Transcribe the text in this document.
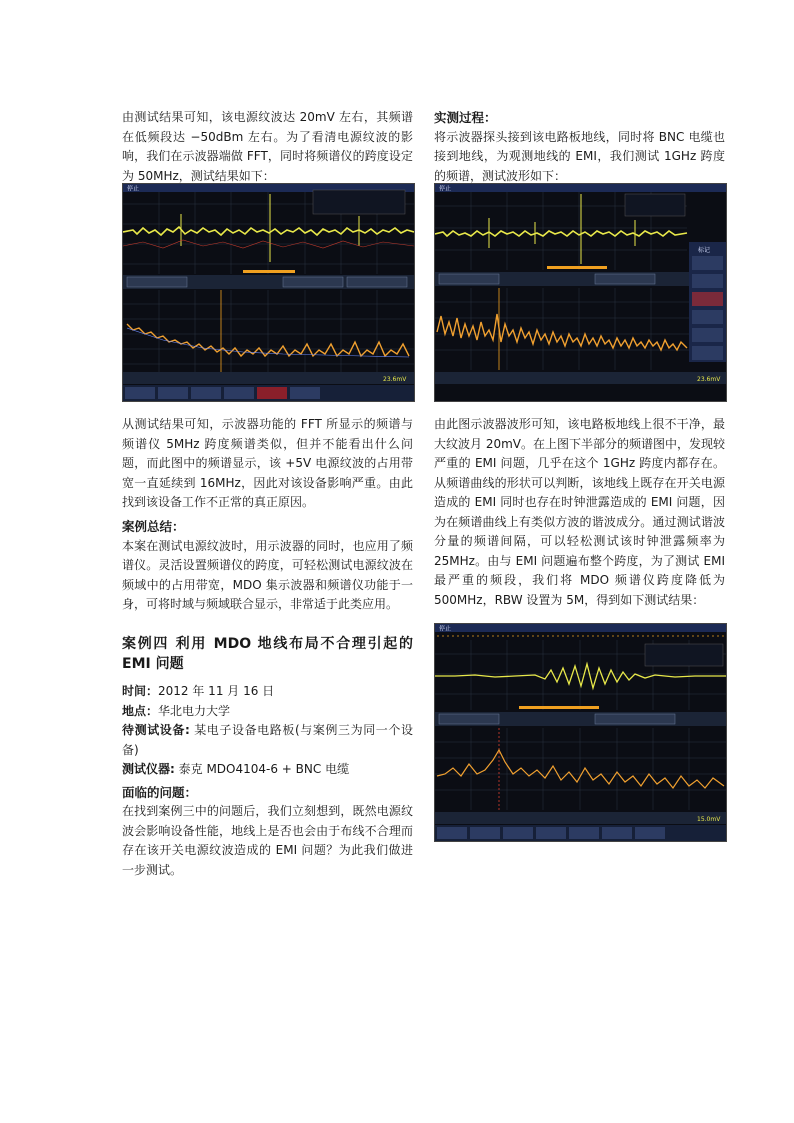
由测试结果可知，该电源纹波达 20mV 左右，其频谱在低频段达 −50dBm 左右。为了看清电源纹波的影响，我们在示波器端做 FFT，同时将频谱仪的跨度设定为 50MHz，测试结果如下：

停止
23.6mV

从测试结果可知，示波器功能的 FFT 所显示的频谱与频谱仪 5MHz 跨度频谱类似，但并不能看出什么问题，而此图中的频谱显示，该 +5V 电源纹波的占用带宽一直延续到 16MHz，因此对该设备影响严重。由此找到该设备工作不正常的真正原因。

案例总结：

本案在测试电源纹波时，用示波器的同时，也应用了频谱仪。灵活设置频谱仪的跨度，可轻松测试电源纹波在频域中的占用带宽，MDO 集示波器和频谱仪功能于一身，可将时域与频域联合显示，非常适于此类应用。

案例四 利用 MDO 地线布局不合理引起的 EMI 问题

时间：2012 年 11 月 16 日

地点：华北电力大学

待测试设备: 某电子设备电路板(与案例三为同一个设备)

测试仪器: 泰克 MDO4104-6 + BNC 电缆

面临的问题：

在找到案例三中的问题后，我们立刻想到，既然电源纹波会影响设备性能，地线上是否也会由于布线不合理而存在该开关电源纹波造成的 EMI 问题？为此我们做进一步测试。

实测过程：

将示波器探头接到该电路板地线，同时将 BNC 电缆也接到地线，为观测地线的 EMI，我们测试 1GHz 跨度的频谱，测试波形如下：

停止
标记
23.6mV

由此图示波器波形可知，该电路板地线上很不干净，最大纹波月 20mV。在上图下半部分的频谱图中，发现较严重的 EMI 问题，几乎在这个 1GHz 跨度内都存在。从频谱曲线的形状可以判断，该地线上既存在开关电源造成的 EMI 同时也存在时钟泄露造成的 EMI 问题，因为在频谱曲线上有类似方波的谐波成分。通过测试谐波分量的频谱间隔，可以轻松测试该时钟泄露频率为 25MHz。由与 EMI 问题遍布整个跨度，为了测试 EMI 最严重的频段，我们将 MDO 频谱仪跨度降低为 500MHz，RBW 设置为 5M，得到如下测试结果：

停止
15.0mV
